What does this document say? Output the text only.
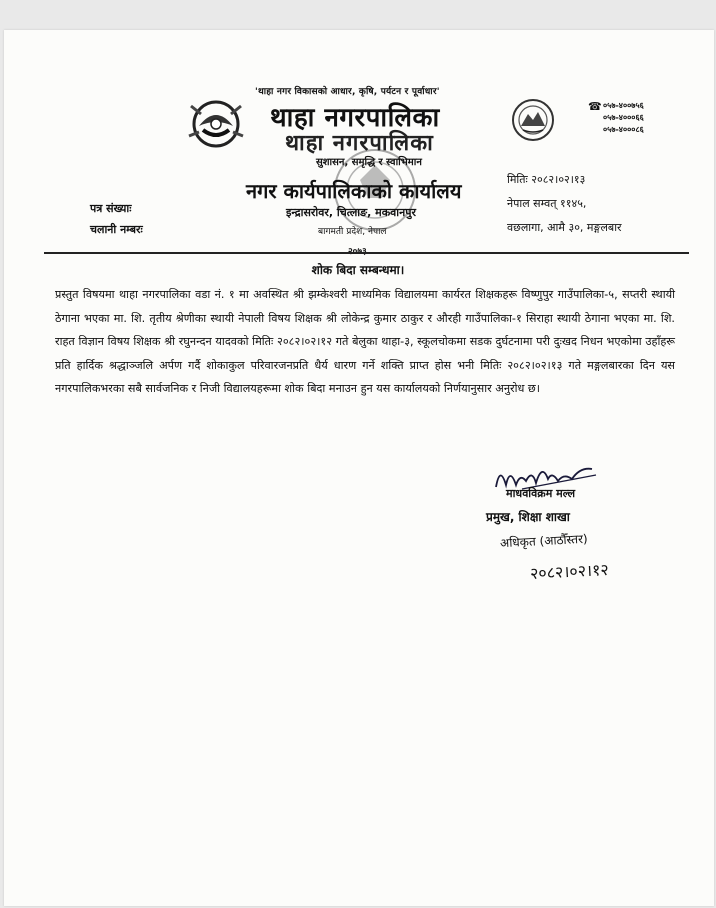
'थाहा नगर विकासको आधार, कृषि, पर्यटन र पूर्वाधार'
थाहा नगरपालिका
थाहा नगरपालिका
सुशासन, समृद्धि र स्वाभिमान
नगर कार्यपालिकाको कार्यालय
इन्द्रासरोवर, चित्लाङ, मकवानपुर
बागमती प्रदेश, नेपाल
☎ ०५७-४००७५६
०५७-४०००६६
०५७-४०००८६
मितिः २०८२।०२।१३
नेपाल सम्वत् ११४५,
वछलागा, आमै ३०, मङ्गलबार
पत्र संख्याः
चलानी नम्बरः
शोक बिदा सम्बन्धमा।
प्रस्तुत विषयमा थाहा नगरपालिका वडा नं. १ मा अवस्थित श्री झम्केश्वरी माध्यमिक विद्यालयमा कार्यरत शिक्षकहरू विष्णुपुर गाउँपालिका-५, सप्तरी स्थायी ठेगाना भएका मा. शि. तृतीय श्रेणीका स्थायी नेपाली विषय शिक्षक श्री लोकेन्द्र कुमार ठाकुर र औरही गाउँपालिका-१ सिराहा स्थायी ठेगाना भएका मा. शि. राहत विज्ञान विषय शिक्षक श्री रघुनन्दन यादवको मितिः २०८२।०२।१२ गते बेलुका थाहा-३, स्कूलचोकमा सडक दुर्घटनामा परी दुःखद निधन भएकोमा उहाँहरू प्रति हार्दिक श्रद्धाञ्जलि अर्पण गर्दै शोकाकुल परिवारजनप्रति धैर्य धारण गर्ने शक्ति प्राप्त होस भनी मितिः २०८२।०२।१३ गते मङ्गलबारका दिन यस नगरपालिकभरका सबै सार्वजनिक र निजी विद्यालयहरूमा शोक बिदा मनाउन हुन यस कार्यालयको निर्णयानुसार अनुरोध छ।
माधवविक्रम मल्ल
प्रमुख, शिक्षा शाखा
अधिकृत (आठौँस्तर)
२०८२।०२।१२
